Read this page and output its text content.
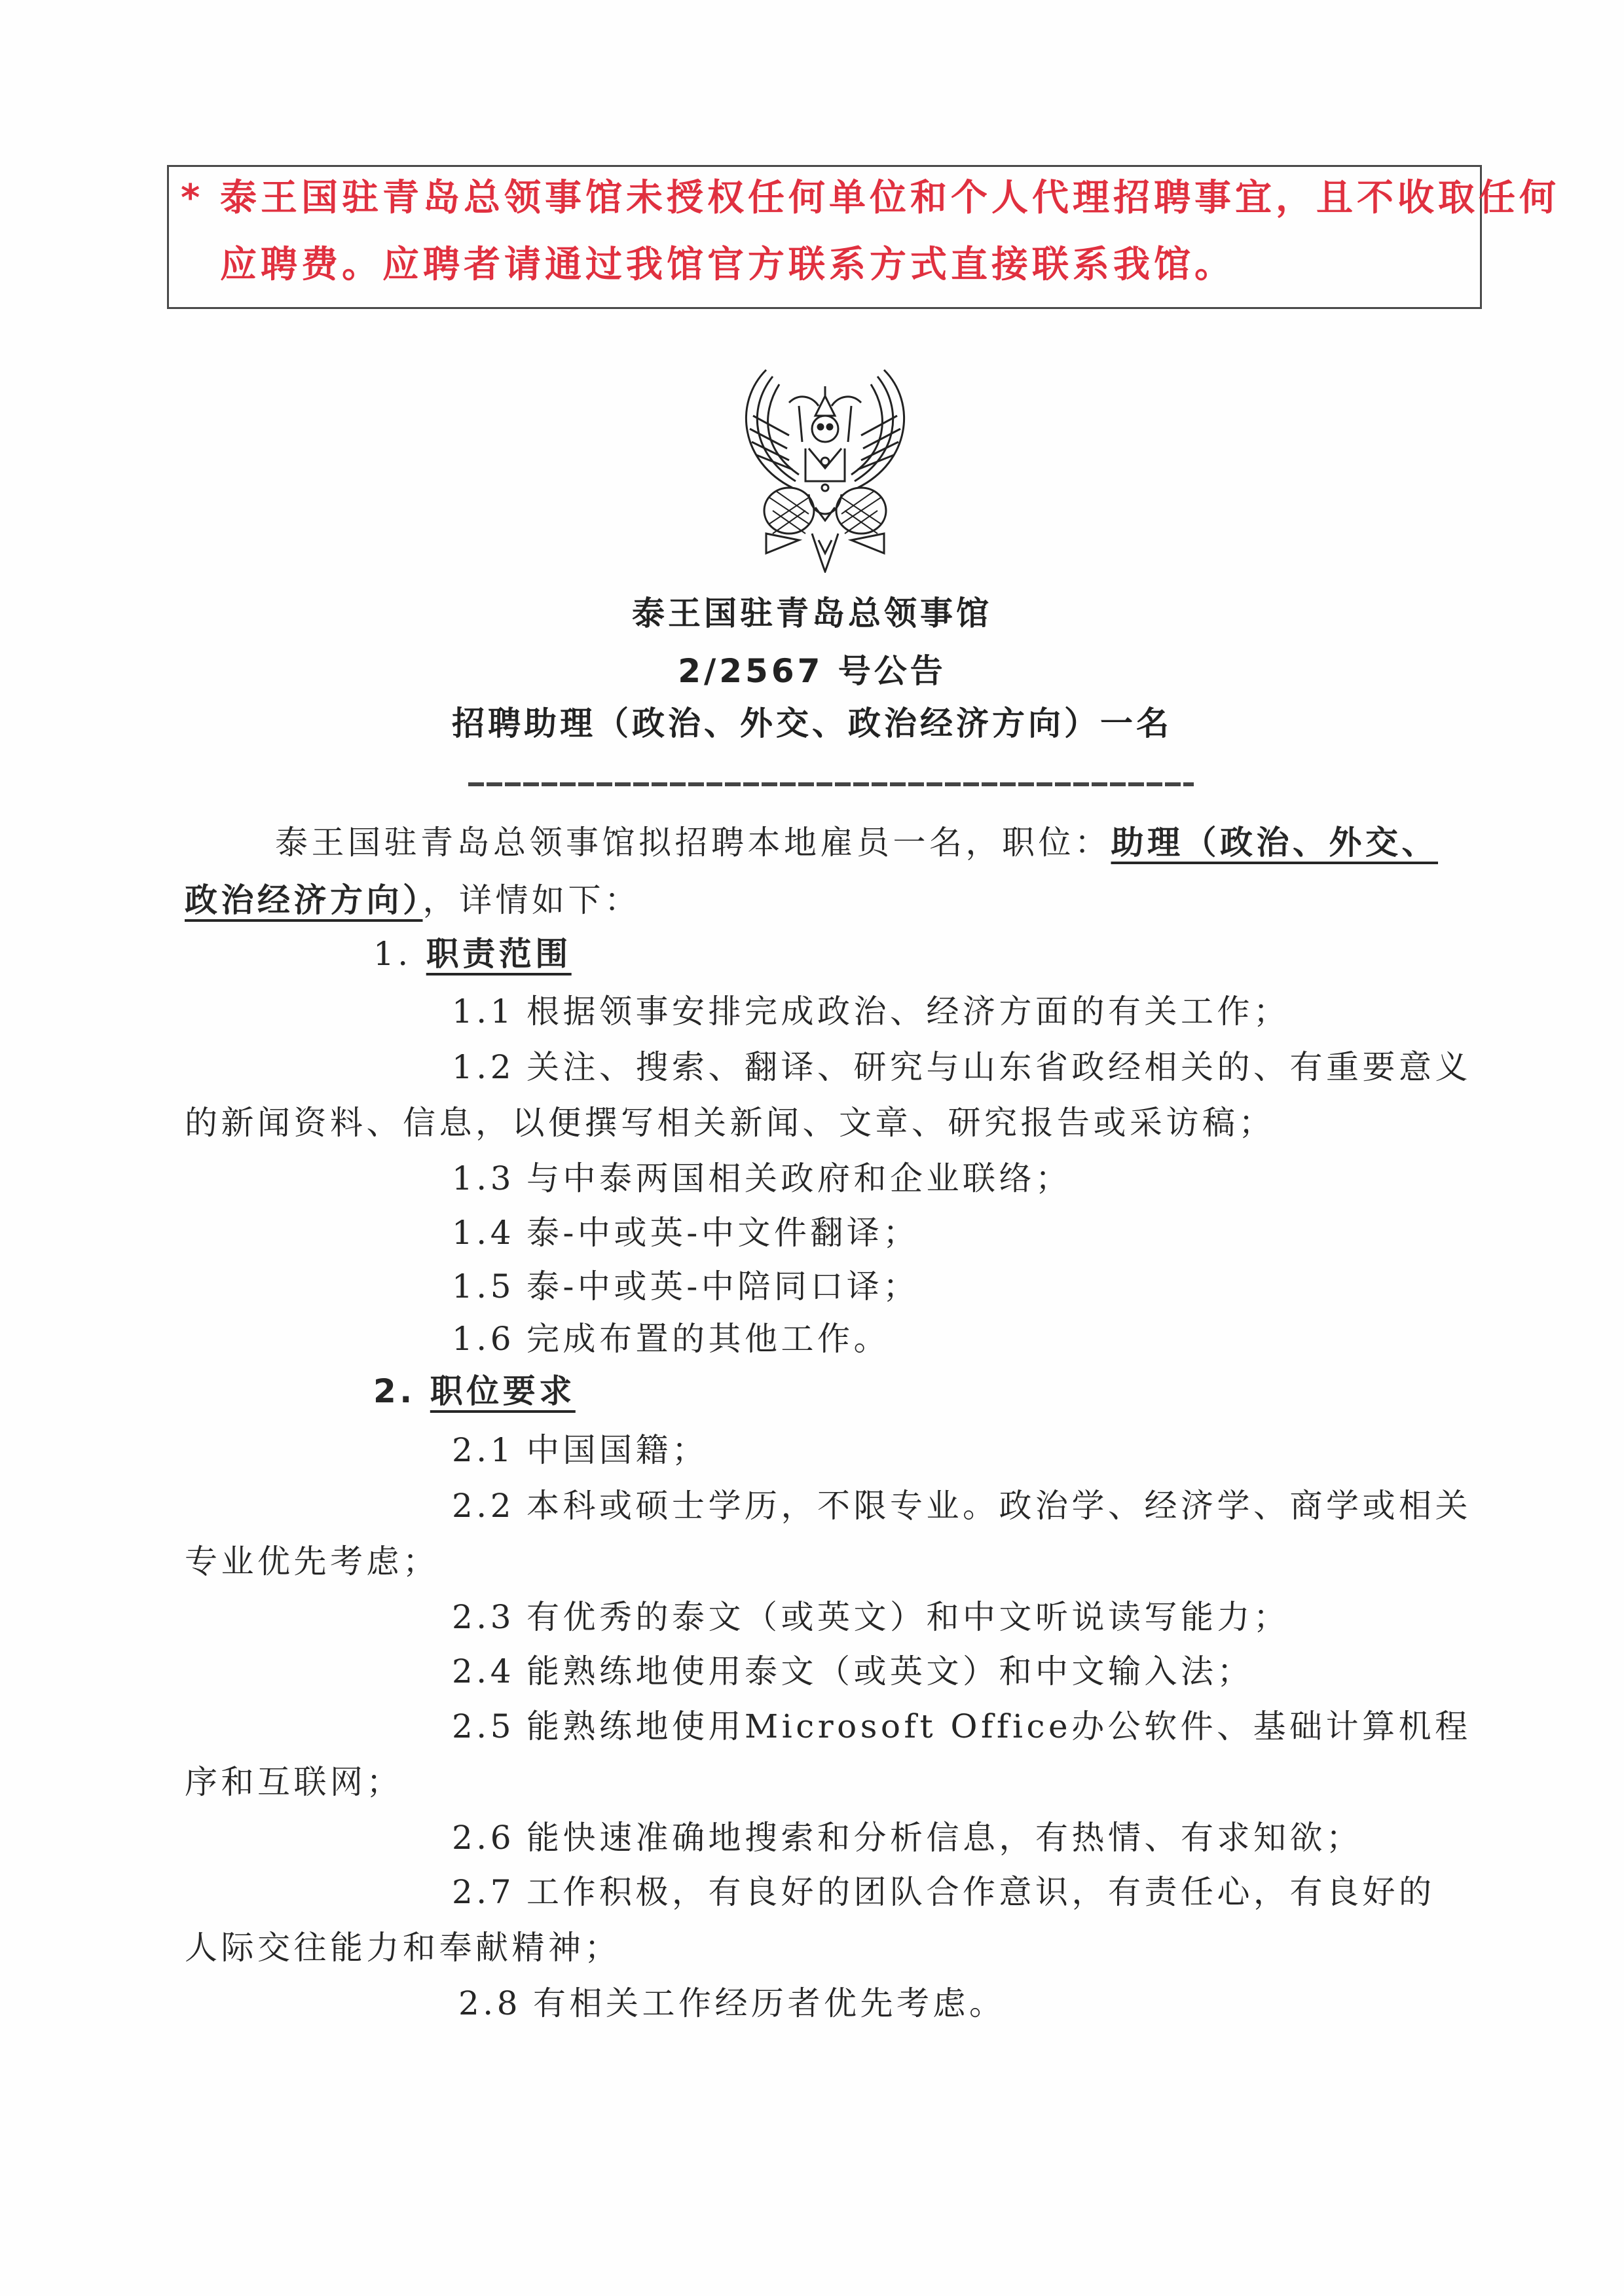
* 泰王国驻青岛总领事馆未授权任何单位和个人代理招聘事宜，且不收取任何
应聘费。应聘者请通过我馆官方联系方式直接联系我馆。
泰王国驻青岛总领事馆
2/2567 号公告
招聘助理（政治、外交、政治经济方向）一名
泰王国驻青岛总领事馆拟招聘本地雇员一名，职位：助理（政治、外交、
政治经济方向），详情如下：
1. 职责范围
1.1 根据领事安排完成政治、经济方面的有关工作；
1.2 关注、搜索、翻译、研究与山东省政经相关的、有重要意义
的新闻资料、信息，以便撰写相关新闻、文章、研究报告或采访稿；
1.3 与中泰两国相关政府和企业联络；
1.4 泰-中或英-中文件翻译；
1.5 泰-中或英-中陪同口译；
1.6 完成布置的其他工作。
2. 职位要求
2.1 中国国籍；
2.2 本科或硕士学历，不限专业。政治学、经济学、商学或相关
专业优先考虑；
2.3 有优秀的泰文（或英文）和中文听说读写能力；
2.4 能熟练地使用泰文（或英文）和中文输入法；
2.5 能熟练地使用Microsoft Office办公软件、基础计算机程
序和互联网；
2.6 能快速准确地搜索和分析信息，有热情、有求知欲；
2.7 工作积极，有良好的团队合作意识，有责任心，有良好的
人际交往能力和奉献精神；
2.8 有相关工作经历者优先考虑。
